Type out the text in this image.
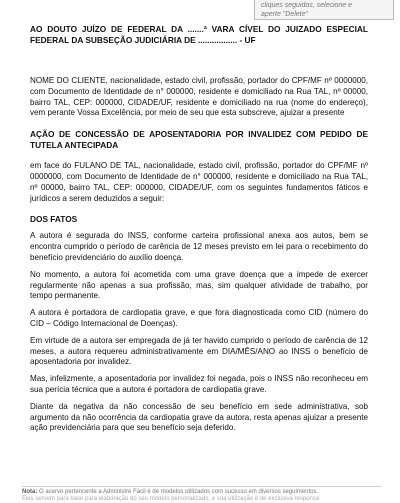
cliques seguidos, selecione e
aperte "Delete"

AO DOUTO JUÍZO DE FEDERAL DA .......ª VARA CÍVEL DO JUIZADO ESPECIAL FEDERAL DA SUBSEÇÃO JUDICIÁRIA DE ................. - UF

NOME DO CLIENTE, nacionalidade, estado civil, profissão, portador do CPF/MF nº 0000000, com Documento de Identidade de n° 000000, residente e domiciliado na Rua TAL, nº 00000, bairro TAL, CEP: 000000, CIDADE/UF, residente e domiciliado na rua (nome do endereço), vem perante Vossa Excelência, por meio de seu que esta subscreve, ajuizar a presente

AÇÃO DE CONCESSÃO DE APOSENTADORIA POR INVALIDEZ COM PEDIDO DE TUTELA ANTECIPADA

em face do FULANO DE TAL, nacionalidade, estado civil, profissão, portador do CPF/MF nº 0000000, com Documento de Identidade de n° 000000, residente e domiciliado na Rua TAL, nº 00000, bairro TAL, CEP: 000000, CIDADE/UF, com os seguintes fundamentos fáticos e jurídicos a serem deduzidos a seguir:

DOS FATOS

A autora é segurada do INSS, conforme carteira profissional anexa aos autos, bem se encontra cumprido o período de carência de 12 meses previsto em lei para o recebimento do benefício previdenciário do auxílio doença.

No momento, a autora foi acometida com uma grave doença que a impede de exercer regularmente não apenas a sua profissão, mas, sim qualquer atividade de trabalho, por tempo permanente.

A autora é portadora de cardiopatia grave, e que fora diagnosticada como CID (número do CID – Código Internacional de Doenças).

Em virtude de a autora ser empregada de já ter havido cumprido o período de carência de 12 meses, a autora requereu administrativamente em DIA/MÊS/ANO ao INSS o benefício de aposentadoria por invalidez.

Mas, infelizmente, a aposentadoria por invalidez foi negada, pois o INSS não reconheceu em sua perícia técnica que a autora é portadora de cardiopatia grave.

Diante da negativa da não concessão de seu benefício em sede administrativa, sob argumento da não ocorrência da cardiopatia grave da autora, resta apenas ajuizar a presente ação previdenciária para que seu benefício seja deferido.

Nota: O acervo pertencente a Administre Fácil é de modelos utilizados com sucesso em diversos seguimentos.
Eles servem para base para elaboração do seu modelo personalizado, e sua utilização é de exclusiva responsa
